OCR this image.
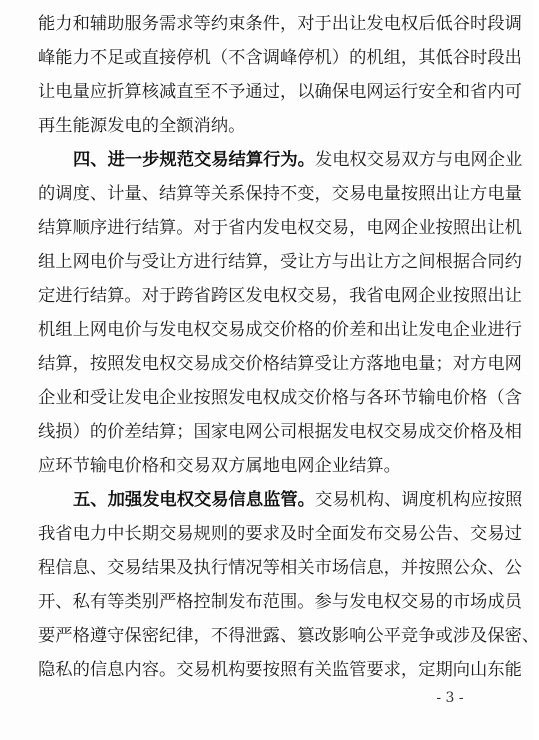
能力和辅助服务需求等约束条件，对于出让发电权后低谷时段调
峰能力不足或直接停机（不含调峰停机）的机组，其低谷时段出
让电量应折算核减直至不予通过，以确保电网运行安全和省内可
再生能源发电的全额消纳。
四、进一步规范交易结算行为。发电权交易双方与电网企业
的调度、计量、结算等关系保持不变，交易电量按照出让方电量
结算顺序进行结算。对于省内发电权交易，电网企业按照出让机
组上网电价与受让方进行结算，受让方与出让方之间根据合同约
定进行结算。对于跨省跨区发电权交易，我省电网企业按照出让
机组上网电价与发电权交易成交价格的价差和出让发电企业进行
结算，按照发电权交易成交价格结算受让方落地电量；对方电网
企业和受让发电企业按照发电权成交价格与各环节输电价格（含
线损）的价差结算；国家电网公司根据发电权交易成交价格及相
应环节输电价格和交易双方属地电网企业结算。
五、加强发电权交易信息监管。交易机构、调度机构应按照
我省电力中长期交易规则的要求及时全面发布交易公告、交易过
程信息、交易结果及执行情况等相关市场信息，并按照公众、公
开、私有等类别严格控制发布范围。参与发电权交易的市场成员
要严格遵守保密纪律，不得泄露、篡改影响公平竞争或涉及保密、
隐私的信息内容。交易机构要按照有关监管要求，定期向山东能
- 3 -
